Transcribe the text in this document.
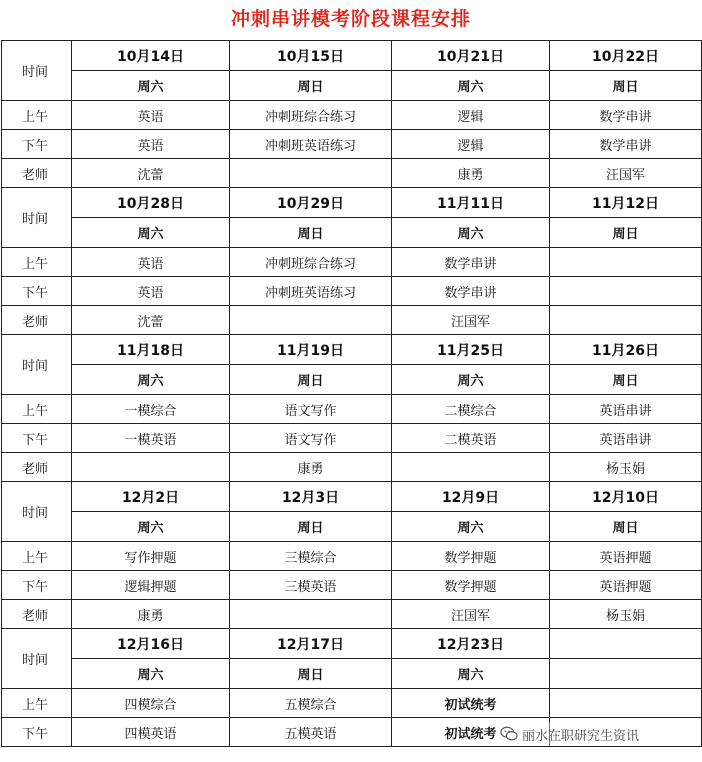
冲刺串讲模考阶段课程安排
时间	10月14日	10月15日	10月21日	10月22日
	周六	周日	周六	周日
上午	英语	冲刺班综合练习	逻辑	数学串讲
下午	英语	冲刺班英语练习	逻辑	数学串讲
老师	沈蕾		康勇	汪国军
时间	10月28日	10月29日	11月11日	11月12日
	周六	周日	周六	周日
上午	英语	冲刺班综合练习	数学串讲	
下午	英语	冲刺班英语练习	数学串讲	
老师	沈蕾		汪国军	
时间	11月18日	11月19日	11月25日	11月26日
	周六	周日	周六	周日
上午	一模综合	语文写作	二模综合	英语串讲
下午	一模英语	语文写作	二模英语	英语串讲
老师		康勇		杨玉娟
时间	12月2日	12月3日	12月9日	12月10日
	周六	周日	周六	周日
上午	写作押题	三模综合	数学押题	英语押题
下午	逻辑押题	三模英语	数学押题	英语押题
老师	康勇		汪国军	杨玉娟
时间	12月16日	12月17日	12月23日	
	周六	周日	周六	
上午	四模综合	五模综合	初试统考	
下午	四模英语	五模英语	初试统考	丽水在职研究生资讯
